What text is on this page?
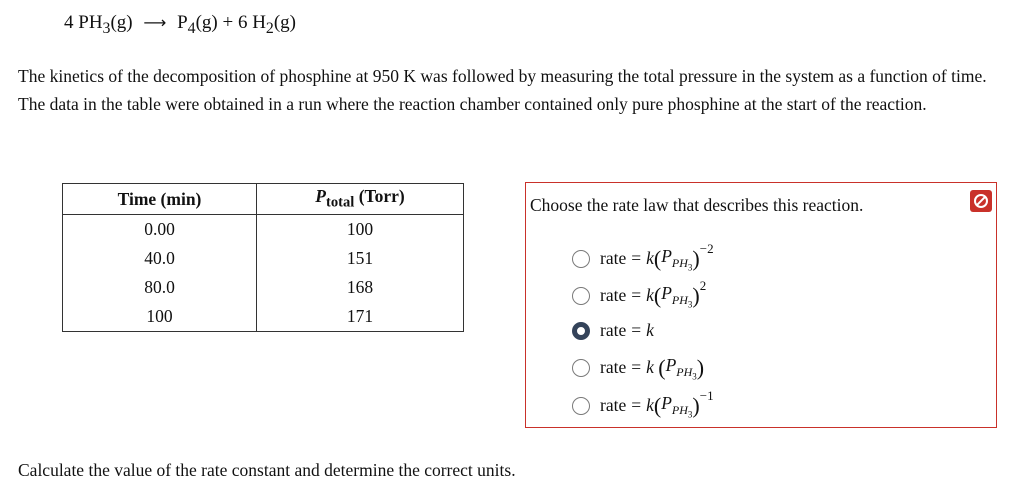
4 $PH_3(g)$ ⟶ $P_4(g) + 6$ $H_2(g)$
The kinetics of the decomposition of phosphine at 950 K was followed by measuring the total pressure in the system as a function of time. The data in the table were obtained in a run where the reaction chamber contained only pure phosphine at the start of the reaction.
Time (min)	$P_{total}$ (Torr)
0.00	100
40.0	151
80.0	168
100	171
Choose the rate law that describes this reaction.
rate = k ( $P_{PH_3}$ ) −2
rate = k ( $P_{PH_3}$ ) 2
rate = k
rate = k
( $P_{PH_3}$ )
rate = k ( $P_{PH_3}$ ) −1
Calculate the value of the rate constant and determine the correct units.
